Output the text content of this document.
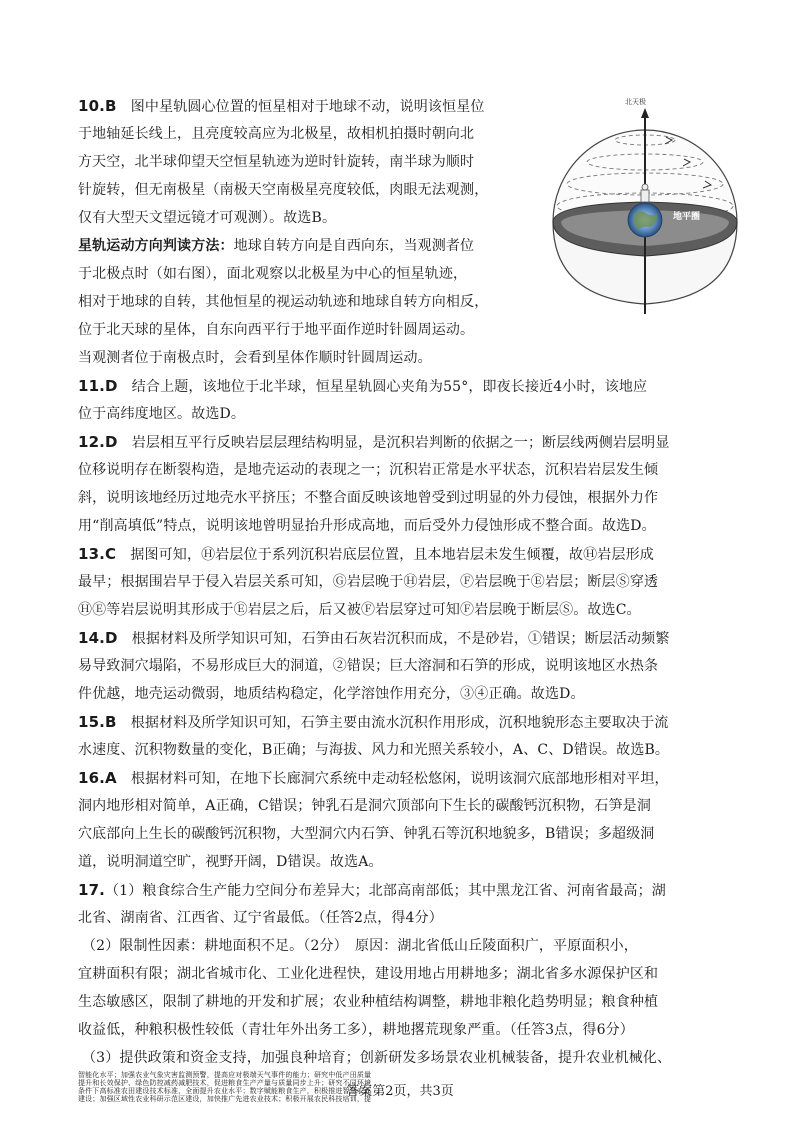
10.B　 图中星轨圆心位置的恒星相对于地球不动，说明该恒星位
于地轴延长线上，且亮度较高应为北极星，故相机拍摄时朝向北
方天空，北半球仰望天空恒星轨迹为逆时针旋转，南半球为顺时
针旋转，但无南极星（南极天空南极星亮度较低，肉眼无法观测，
仅有大型天文望远镜才可观测）。故选B。
星轨运动方向判读方法：地球自转方向是自西向东，当观测者位
于北极点时（如右图），面北观察以北极星为中心的恒星轨迹，
相对于地球的自转，其他恒星的视运动轨迹和地球自转方向相反，
位于北天球的星体，自东向西平行于地平面作逆时针圆周运动。
当观测者位于南极点时，会看到星体作顺时针圆周运动。
北天极
地平圈
11.D　 结合上题，该地位于北半球，恒星星轨圆心夹角为55°，即夜长接近4小时，该地应
位于高纬度地区。故选D。
12.D　 岩层相互平行反映岩层层理结构明显，是沉积岩判断的依据之一；断层线两侧岩层明显
位移说明存在断裂构造，是地壳运动的表现之一；沉积岩正常是水平状态，沉积岩岩层发生倾
斜，说明该地经历过地壳水平挤压；不整合面反映该地曾受到过明显的外力侵蚀，根据外力作
用“削高填低”特点，说明该地曾明显抬升形成高地，而后受外力侵蚀形成不整合面。故选D。
13.C　 据图可知，Ⓗ岩层位于系列沉积岩底层位置，且本地岩层未发生倾覆，故Ⓗ岩层形成
最早；根据围岩早于侵入岩层关系可知，Ⓖ岩层晚于Ⓗ岩层，Ⓕ岩层晚于Ⓔ岩层；断层Ⓢ穿透
ⒽⒺ等岩层说明其形成于Ⓔ岩层之后，后又被Ⓕ岩层穿过可知Ⓕ岩层晚于断层Ⓢ。故选C。
14.D　 根据材料及所学知识可知，石笋由石灰岩沉积而成，不是砂岩，①错误；断层活动频繁
易导致洞穴塌陷，不易形成巨大的洞道，②错误；巨大溶洞和石笋的形成，说明该地区水热条
件优越，地壳运动微弱，地质结构稳定，化学溶蚀作用充分，③④正确。故选D。
15.B　 根据材料及所学知识可知，石笋主要由流水沉积作用形成，沉积地貌形态主要取决于流
水速度、沉积物数量的变化，B正确；与海拔、风力和光照关系较小，A、C、D错误。故选B。
16.A　 根据材料可知，在地下长廊洞穴系统中走动轻松悠闲，说明该洞穴底部地形相对平坦，
洞内地形相对简单，A正确，C错误；钟乳石是洞穴顶部向下生长的碳酸钙沉积物，石笋是洞
穴底部向上生长的碳酸钙沉积物，大型洞穴内石笋、钟乳石等沉积地貌多，B错误；多超级洞
道，说明洞道空旷，视野开阔，D错误。故选A。
17.（1）粮食综合生产能力空间分布差异大；北部高南部低；其中黑龙江省、河南省最高；湖
北省、湖南省、江西省、辽宁省最低。（任答2点，得4分）
（2）限制性因素：耕地面积不足。（2分）　原因：湖北省低山丘陵面积广，平原面积小，
宜耕面积有限；湖北省城市化、工业化进程快，建设用地占用耕地多；湖北省多水源保护区和
生态敏感区，限制了耕地的开发和扩展；农业种植结构调整，耕地非粮化趋势明显；粮食种植
收益低，种粮积极性较低（青壮年外出务工多），耕地撂荒现象严重。（任答3点，得6分）
（3）提供政策和资金支持，加强良种培育；创新研发多场景农业机械装备，提升农业机械化、
答案第2页，共3页
智能化水平；加强农业气象灾害监测预警，提高应对极端天气事件的能力；研究中低产田质量
提升和长效保护、绿色防控减药减肥技术，促进粮食生产产量与质量同步上升；研究不同环境
条件下高标准农田建设技术标准，全面提升农业水平；数字赋能粮食生产，积极推进智慧农业
建设；加强区域性农业科研示范区建设，加快推广先进农业技术；积极开展农民科技培训，提
